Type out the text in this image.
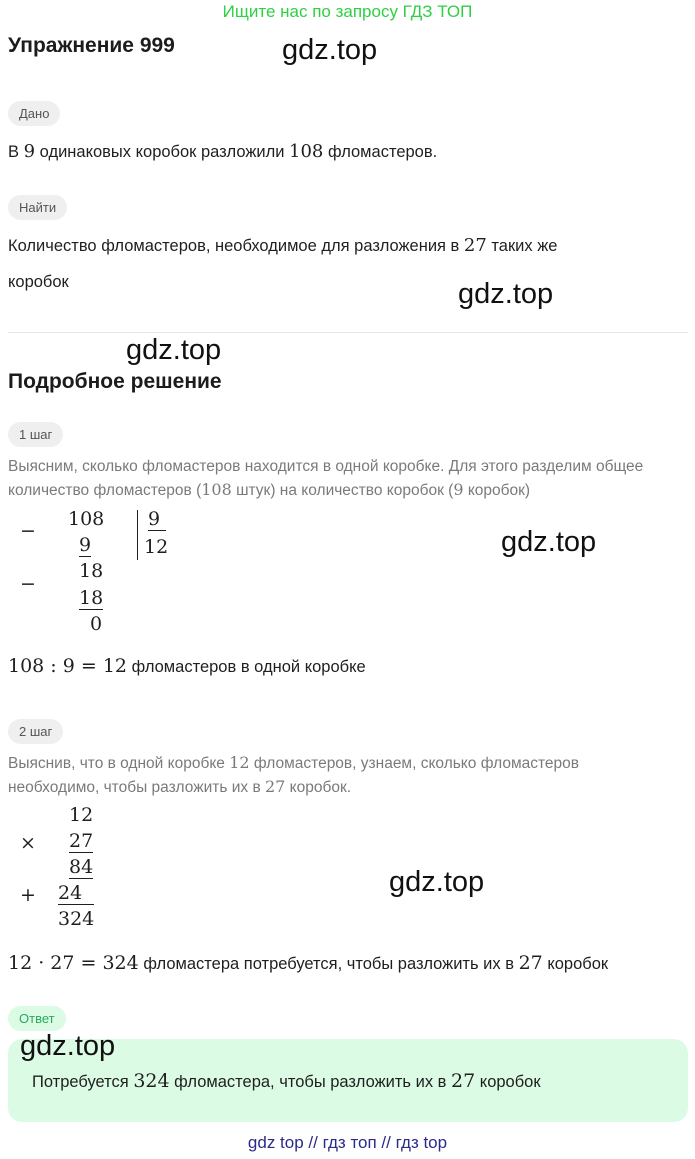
Ищите нас по запросу ГДЗ ТОП
Упражнение 999	gdz.top
Дано
В 9 одинаковых коробок разложили 108 фломастеров.
Найти
Количество фломастеров, необходимое для разложения в 27 таких же
коробок	gdz.top
gdz.top
Подробное решение
1 шаг
Выясним, сколько фломастеров находится в одной коробке. Для этого разделим общее
количество фломастеров (108 штук) на количество коробок (9 коробок)
−
108 9
12
9
−
18
18
0
gdz.top
108 : 9 = 12 фломастеров в одной коробке
2 шаг
Выяснив, что в одной коробке 12 фломастеров, узнаем, сколько фломастеров
необходимо, чтобы разложить их в 27 коробок.
12
× 27
84
+ 24
324
gdz.top
12 · 27 = 324 фломастера потребуется, чтобы разложить их в 27 коробок
Ответ
gdz.top
Потребуется 324 фломастера, чтобы разложить их в 27 коробок
gdz top // гдз топ // гдз top
